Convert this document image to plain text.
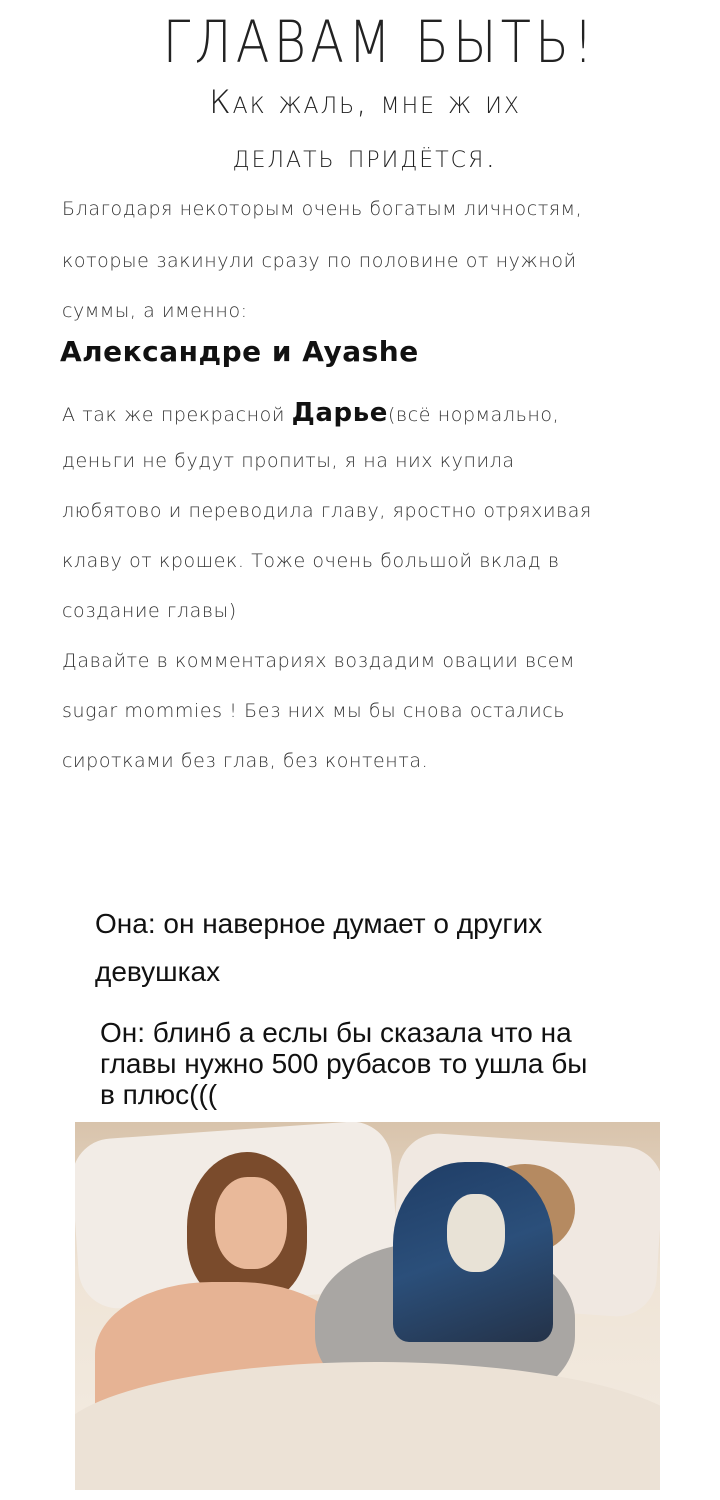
ГЛАВАМ БЫТЬ!
Как жаль, мне ж их
делать придётся.
Благодаря некоторым очень богатым личностям,
которые закинули сразу по половине от нужной
суммы, а именно:
Александре и Ayashe
А так же прекрасной Дарье(всё нормально,
деньги не будут пропиты, я на них купила
любятово и переводила главу, яростно отряхивая
клаву от крошек. Тоже очень большой вклад в
создание главы)
Давайте в комментариях воздадим овации всем
sugar mommies ! Без них мы бы снова остались
сиротками без глав, без контента.
Она: он наверное думает о других
девушках
Он: блинб а еслы бы сказала что на
главы нужно 500 рубасов то ушла бы
в плюс(((
